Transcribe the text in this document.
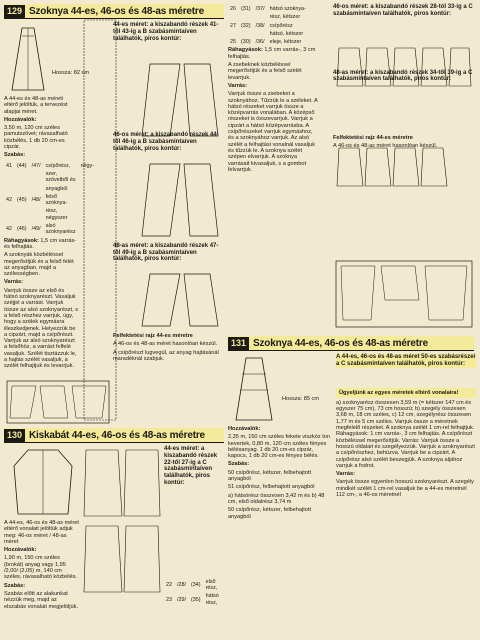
129 Szoknya 44-es, 46-os és 48-as méretre

A 44-es és 48-as méreti eltérő jelöltük, a tervezést alapjai méret.

Hozzávalók:

3,50 m, 120 cm széles pamutszövet; rávasalható közbélés, 1 db 20 cm-es cipzár.

Szabás:

41	(44)	/47/	csípőrész,	négy-
			szer, szövetből és	
			anyagból	
42	(45)	/48/	felső szoknya-	
			rész, négyszer	
42	(46)	/49/	alsó szoknyarész	

Ráhagyások: 1,5 cm varrás- és felhajtás.

A szoknyák közbéléssel megerősítjük és a felső felét az anyagban, majd a szélességben.

Varrás:

Varrjuk össze az első és hátsó szoknyarészt. Vasaljuk széjjel a varrást. Varrjuk össze az alsó szoknyarészt, s a felső részhez varrjuk, úgy, hogy a szélek egymásra illeszkedjenek. Helyezzük be a cipzárt, majd a csípőrészt. Varrjuk az alsó szoknyarészt a felsőhöz, a varrást felfelé vasaljuk. Szélét tisztázzuk le, a hajtás szélét vasaljuk, a szélét felhajtjuk és levarrjuk.

Hossza: 82 cm

44-es méret: a kiszabandó részek 41-től 43-ig a B szabásmintaíven találhatók, piros kontúr:

46-os méret: a kiszabandó részek 44-től 46-ig a B szabásmintaíven találhatók, piros kontúr:

48-as méret: a kiszabandó részek 47-től 49-ig a B szabásmintaíven találhatók, piros kontúr:

Felfektetési rajz 44-es méretre

A 46-os és 48-as méret hasonlóan készül.

A csípőrészt lugvegül, az anyag hajtásánál maradéknál szabjuk.

26	(31)	/37/	hátsó szoknya-
			rész, kétszer
27	(32)	/38/	csípőrész
			hátsó, kétszer
25	(30)	/36/	eleje, kétszer

Ráhagyások: 1,5 cm varrás-, 3 cm felhajtás.

A zsebeknek közbéléssel megerősítjük és a felső szélét levarrjuk.

Varrás:

Varrjuk össze a zsebeket a szoknyához. Tűzzük le a széleket. A hátsó részeket varrjuk össze a középvarrás vonalában. A középső részeket is összevarrjuk. Varrjuk a cipzárt a hátsó középvarrásba. A csípőrészeket varrjuk egymáshoz, és a szoknyához varrjuk. Az alsó szélét a felhajtási vonalnál vasaljuk és tűzzük le. A szoknya szélét szépen elvarrjuk. A szoknya varrásait kivasaljuk, s a gombot felvarrjuk.

46-os méret: a kiszabandó részek 28-tól 33-ig a C szabásmintaíven találhatók, piros kontúr:

48-as méret: a kiszabandó részek 34-től 39-ig a C szabásmintaíven találhatók, piros kontúr:

Felfektetési rajz 44-es méretre

A 46-os és 48-as méret hasonlóan készül.

131 Szoknya 44-es, 46-os és 48-as méretre

Hozzávalók:

2,35 m, 150 cm széles fekete viszkóz ton kevertek, 0,80 m, 120 cm széles fényes bélésanyag. 1 db 20 cm-es cipzár, kapocs, 1 db 20 cm-es fényes bélés.

Szabás:

50 csípőrész, kétszer, felbehajtott anyagból

51 csípőrész, felbehajtott anyagból

a) hátsórész összesen 3,42 m és b) 48 cm, első oldalrész 3,74 m

50 csípőrész, kétszer, felbehajtott anyagból

Hossza: 85 cm

A 44-es, 46-os és 48-as méret 50-es szabásrészei a C szabásmintaíven találhatók, piros kontúr:

Ügyeljünk az egyes méretek eltérő vonalaira!

a) szoknyarész összesen 3,59 m (= kétszer 147 cm és egyszer 75 cm), 73 cm hosszú; b) szegély összesen 3,68 m, 18 cm széles, c) 12 cm, szegélyrész összesen 1,77 m és 5 cm széles. Varrjuk össze a méretnek megfelelő részeket. A szoknya szélét 1 cm-rel felhajtjuk. Ráhagyások: 1 cm varrás-, 3 cm felhajtás. A csípőrészt közbéléssel megerősítjük. Varrás: Varrjuk össze a hosszú oldalait és szegélyezzük. Varrjuk a szoknyarészt a csípőrészhez, behúzva. Varrjuk be a cipzárt. A csípőrész alsó szélét beszegjük. A szoknya aljához varrjuk a fodrot.

Varrás:

Varrjuk össze egyenlen hosszú szoknyarészt. A szegély mindkét szélét 1 cm-rel vasaljuk be a 44-es méretnél 112 cm-, a 46-os méretnél

130 Kiskabát 44-es, 46-os és 48-as méretre

A 44-es, 46-os és 48-as méret eltérő vonalait jelöltük adjuk meg: 46-os méret / 48-as méret

Hozzávalók:

1,90 m, 150 cm széles (brokát) anyag vagy 1,95 /2,00/ (2,05) m, 140 cm széles, rávasalható közbélés.

Szabás:

Szabás előtt az alakunkat nézzük meg, majd az elszabás vonalait megjelöljük.

44-es méret: a kiszabandó részek 22-től 27-ig a C szabásmintaíven találhatók, piros kontúr:

22	/28/	(34)	első rész,
23	/29/	(35)	hátsó rész,
